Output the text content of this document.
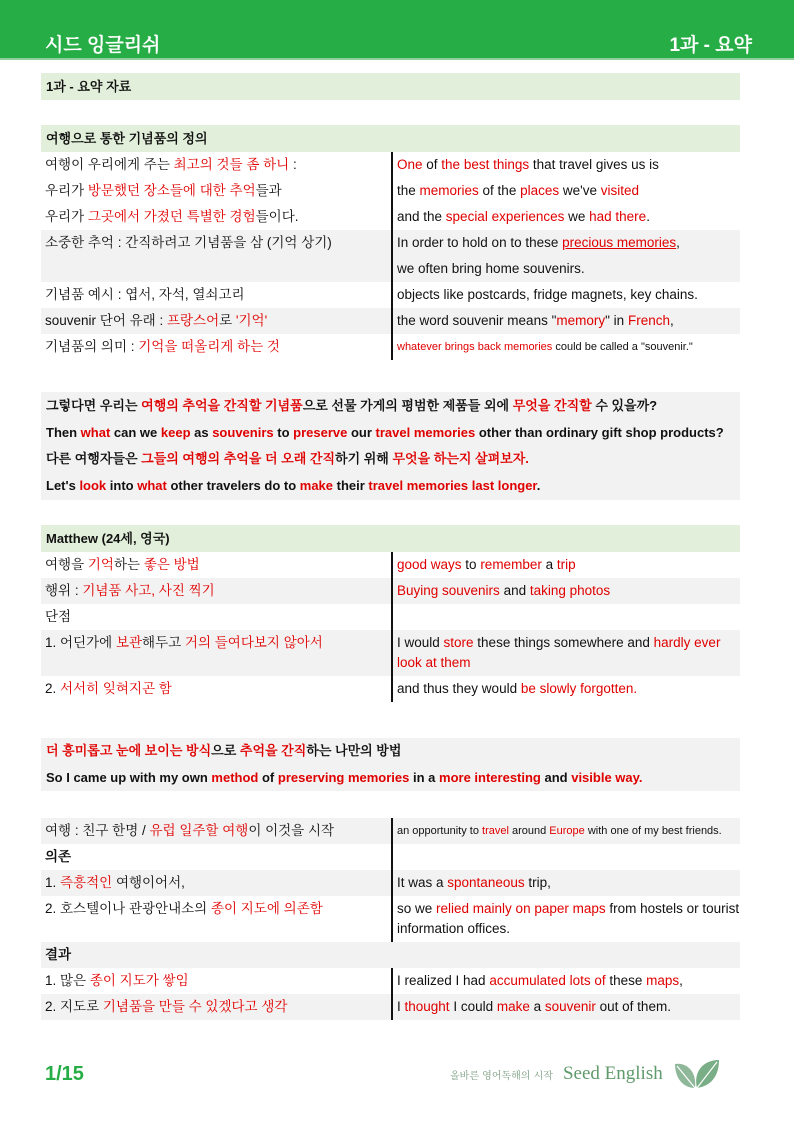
시드 잉글리쉬	1과 - 요약
1과 - 요약 자료
여행으로 통한 기념품의 정의
여행이 우리에게 주는 최고의 것들 좀 하니 :	One of the best things that travel gives us is
우리가 방문했던 장소들에 대한 추억들과	the memories of the places we've visited
우리가 그곳에서 가졌던 특별한 경험들이다.	and the special experiences we had there.
소중한 추억 : 간직하려고 기념품을 삼 (기억 상기)	In order to hold on to these precious memories,
we often bring home souvenirs.
기념품 예시 : 엽서, 자석, 열쇠고리	objects like postcards, fridge magnets, key chains.
souvenir 단어 유래 : 프랑스어로 '기억'	the word souvenir means "memory" in French,
기념품의 의미 : 기억을 떠올리게 하는 것	whatever brings back memories could be called a "souvenir."
그렇다면 우리는 여행의 추억을 간직할 기념품으로 선물 가게의 평범한 제품들 외에 무엇을 간직할 수 있을까?
Then what can we keep as souvenirs to preserve our travel memories other than ordinary gift shop products?
다른 여행자들은 그들의 여행의 추억을 더 오래 간직하기 위해 무엇을 하는지 살펴보자.
Let's look into what other travelers do to make their travel memories last longer.
Matthew (24세, 영국)
여행을 기억하는 좋은 방법	good ways to remember a trip
행위 : 기념품 사고, 사진 찍기	Buying souvenirs and taking photos
단점
1. 어딘가에 보관해두고 거의 들여다보지 않아서	I would store these things somewhere and hardly ever look at them
2. 서서히 잊혀지곤 함	and thus they would be slowly forgotten.
더 흥미롭고 눈에 보이는 방식으로 추억을 간직하는 나만의 방법
So I came up with my own method of preserving memories in a more interesting and visible way.
여행 : 친구 한명 / 유럽 일주할 여행이 이것을 시작	an opportunity to travel around Europe with one of my best friends.
의존
1. 즉흥적인 여행이어서,	It was a spontaneous trip,
2. 호스텔이나 관광안내소의 종이 지도에 의존함	so we relied mainly on paper maps from hostels or tourist information offices.
결과
1. 많은 종이 지도가 쌓임	I realized I had accumulated lots of these maps,
2. 지도로 기념품을 만들 수 있겠다고 생각	I thought I could make a souvenir out of them.
1/15	올바른 영어독해의 시작 Seed English
